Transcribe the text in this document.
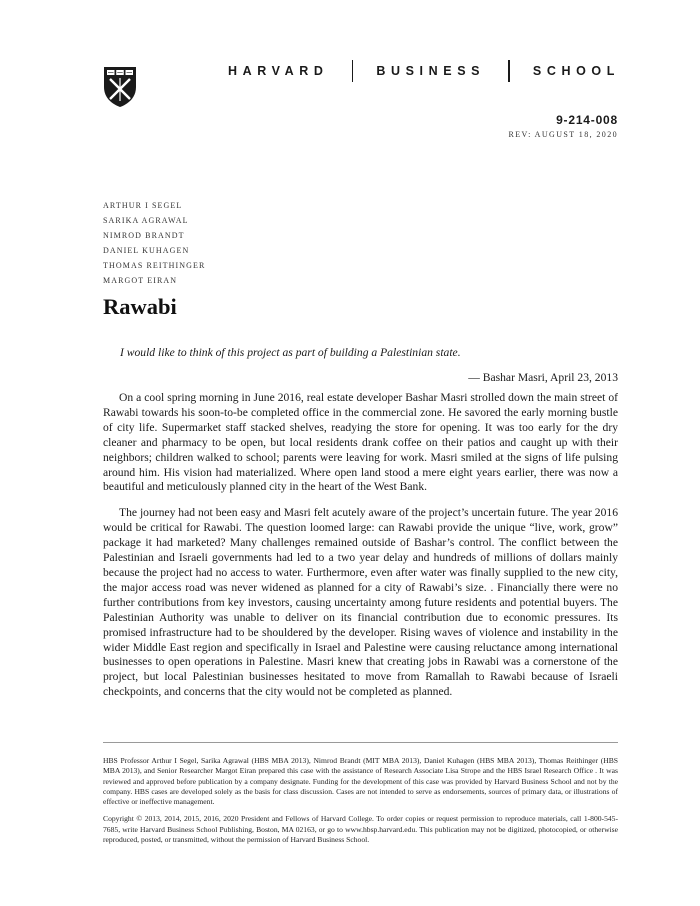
HARVARD	BUSINESS	SCHOOL
9-214-008
REV: AUGUST 18, 2020
ARTHUR I SEGEL
SARIKA AGRAWAL
NIMROD BRANDT
DANIEL KUHAGEN
THOMAS REITHINGER
MARGOT EIRAN
Rawabi
I would like to think of this project as part of building a Palestinian state.
— Bashar Masri, April 23, 2013

On a cool spring morning in June 2016, real estate developer Bashar Masri strolled down the main street of Rawabi towards his soon-to-be completed office in the commercial zone. He savored the early morning bustle of city life. Supermarket staff stacked shelves, readying the store for opening. It was too early for the dry cleaner and pharmacy to be open, but local residents drank coffee on their patios and caught up with their neighbors; children walked to school; parents were leaving for work. Masri smiled at the signs of life pulsing around him. His vision had materialized. Where open land stood a mere eight years earlier, there was now a beautiful and meticulously planned city in the heart of the West Bank.

The journey had not been easy and Masri felt acutely aware of the project’s uncertain future. The year 2016 would be critical for Rawabi. The question loomed large: can Rawabi provide the unique “live, work, grow” package it had marketed? Many challenges remained outside of Bashar’s control. The conflict between the Palestinian and Israeli governments had led to a two year delay and hundreds of millions of dollars mainly because the project had no access to water. Furthermore, even after water was finally supplied to the new city, the major access road was never widened as planned for a city of Rawabi’s size. . Financially there were no further contributions from key investors, causing uncertainty among future residents and potential buyers. The Palestinian Authority was unable to deliver on its financial contribution due to economic pressures. Its promised infrastructure had to be shouldered by the developer. Rising waves of violence and instability in the wider Middle East region and specifically in Israel and Palestine were causing reluctance among international businesses to open operations in Palestine. Masri knew that creating jobs in Rawabi was a cornerstone of the project, but local Palestinian businesses hesitated to move from Ramallah to Rawabi because of Israeli checkpoints, and concerns that the city would not be completed as planned.

HBS Professor Arthur I Segel, Sarika Agrawal (HBS MBA 2013), Nimrod Brandt (MIT MBA 2013), Daniel Kuhagen (HBS MBA 2013), Thomas Reithinger (HBS MBA 2013), and Senior Researcher Margot Eiran prepared this case with the assistance of Research Associate Lisa Strope and the HBS Israel Research Office . It was reviewed and approved before publication by a company designate. Funding for the development of this case was provided by Harvard Business School and not by the company. HBS cases are developed solely as the basis for class discussion. Cases are not intended to serve as endorsements, sources of primary data, or illustrations of effective or ineffective management.

Copyright © 2013, 2014, 2015, 2016, 2020 President and Fellows of Harvard College. To order copies or request permission to reproduce materials, call 1-800-545-7685, write Harvard Business School Publishing, Boston, MA 02163, or go to www.hbsp.harvard.edu. This publication may not be digitized, photocopied, or otherwise reproduced, posted, or transmitted, without the permission of Harvard Business School.
